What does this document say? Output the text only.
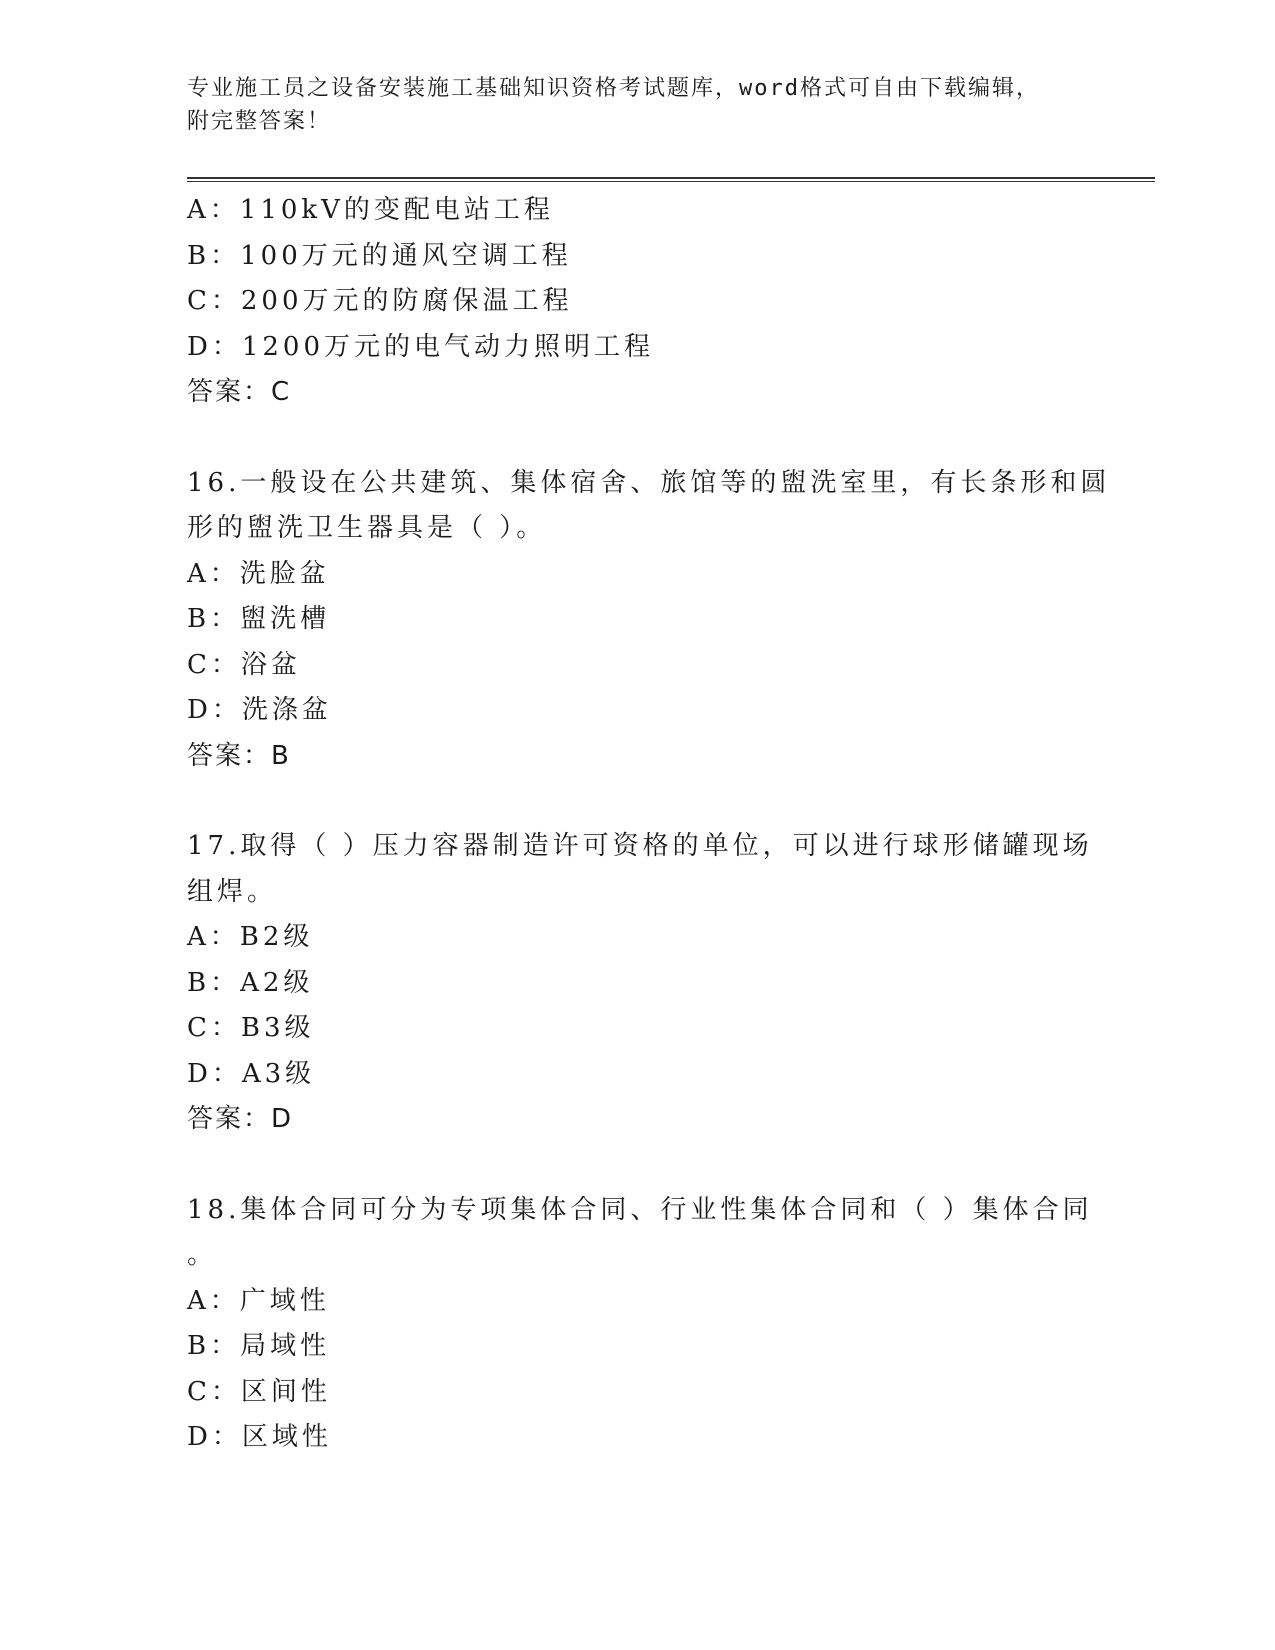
专业施工员之设备安装施工基础知识资格考试题库，word格式可自由下载编辑，
附完整答案！
A：110kV的变配电站工程
B：100万元的通风空调工程
C：200万元的防腐保温工程
D：1200万元的电气动力照明工程
答案：C
16.一般设在公共建筑、集体宿舍、旅馆等的盥洗室里，有长条形和圆
形的盥洗卫生器具是（ ）。
A：洗脸盆
B：盥洗槽
C：浴盆
D：洗涤盆
答案：B
17.取得（ ）压力容器制造许可资格的单位，可以进行球形储罐现场
组焊。
A：B2级
B：A2级
C：B3级
D：A3级
答案：D
18.集体合同可分为专项集体合同、行业性集体合同和（ ）集体合同
。
A：广域性
B：局域性
C：区间性
D：区域性
